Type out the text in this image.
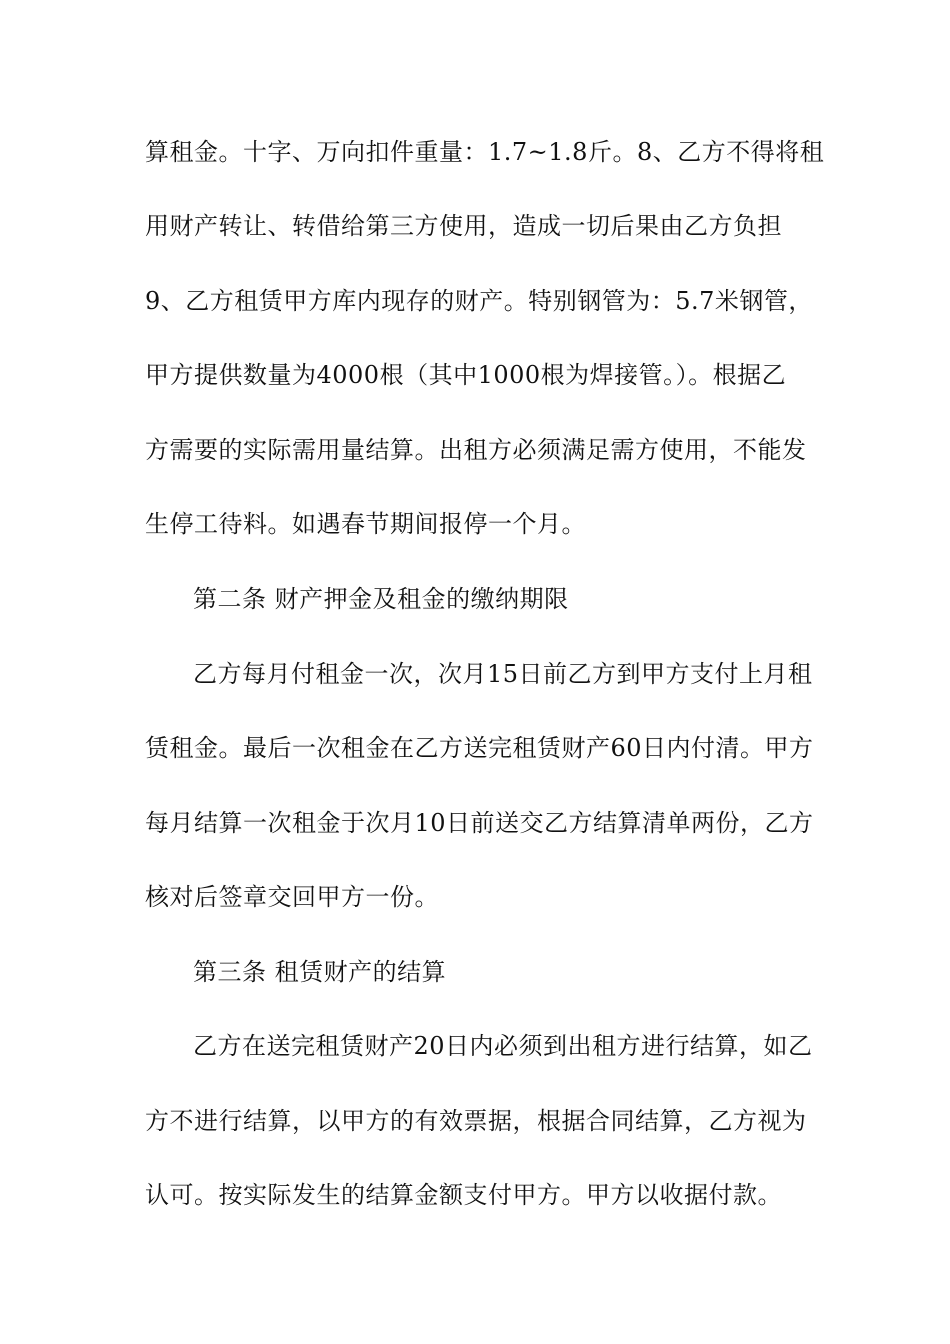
算租金。十字、万向扣件重量：1.7~1.8斤。8、乙方不得将租
用财产转让、转借给第三方使用，造成一切后果由乙方负担
9、乙方租赁甲方库内现存的财产。特别钢管为：5.7米钢管，
甲方提供数量为4000根（其中1000根为焊接管。）。根据乙
方需要的实际需用量结算。出租方必须满足需方使用，不能发
生停工待料。如遇春节期间报停一个月。
第二条 财产押金及租金的缴纳期限
乙方每月付租金一次，次月15日前乙方到甲方支付上月租
赁租金。最后一次租金在乙方送完租赁财产60日内付清。甲方
每月结算一次租金于次月10日前送交乙方结算清单两份，乙方
核对后签章交回甲方一份。
第三条 租赁财产的结算
乙方在送完租赁财产20日内必须到出租方进行结算，如乙
方不进行结算，以甲方的有效票据，根据合同结算，乙方视为
认可。按实际发生的结算金额支付甲方。甲方以收据付款。
